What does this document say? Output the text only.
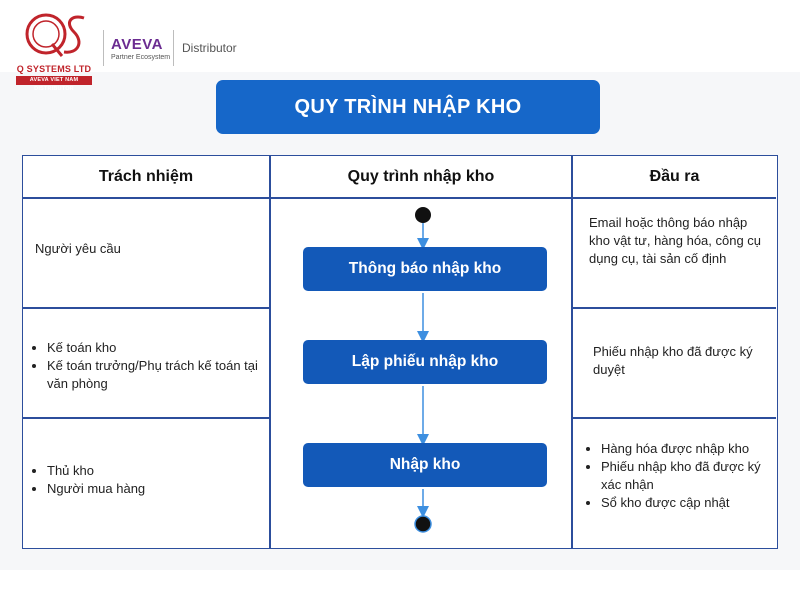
Q SYSTEMS LTD
AVEVA VIET NAM DISTRIBUTOR
AVEVA
Partner Ecosystem
Distributor
QUY TRÌNH NHẬP KHO
Trách nhiệm	Quy trình nhập kho	Đầu ra
Người yêu cầu
• Kế toán kho
• Kế toán trưởng/Phụ trách kế toán tại văn phòng
• Thủ kho
• Người mua hàng
Email hoặc thông báo nhập kho vật tư, hàng hóa, công cụ dụng cụ, tài sản cố định
Phiếu nhập kho đã được ký duyệt
• Hàng hóa được nhập kho
• Phiếu nhập kho đã được ký xác nhận
• Sổ kho được cập nhật
Thông báo nhập kho
Lập phiếu nhập kho
Nhập kho
